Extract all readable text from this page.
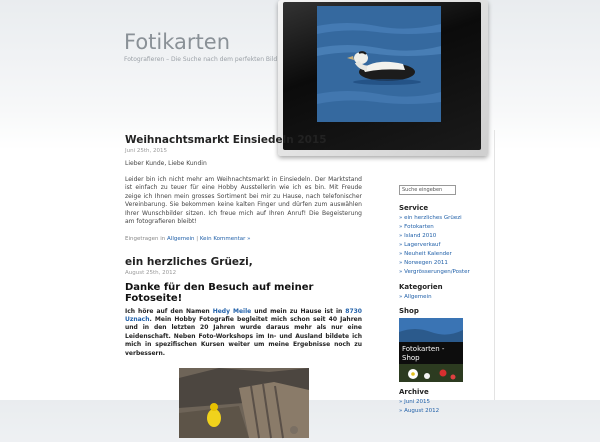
Fotikarten
Fotografieren – Die Suche nach dem perfekten Bild
Weihnachtsmarkt Einsiedeln 2015
Juni 25th, 2015
Lieber Kunde, Liebe Kundin
Leider bin ich nicht mehr am Weihnachtsmarkt in Einsiedeln. Der Marktstand ist einfach zu teuer für eine Hobby Ausstellerin wie ich es bin. Mit Freude zeige ich Ihnen mein grosses Sortiment bei mir zu Hause, nach telefonischer Vereinbarung. Sie bekommen keine kalten Finger und dürfen zum auswählen Ihrer Wunschbilder sitzen. Ich freue mich auf Ihren Anruf! Die Begeisterung am fotografieren bleibt!
Eingetragen in Allgemein | Kein Kommentar »
ein herzliches Grüezi,
August 25th, 2012
Danke für den Besuch auf meiner Fotoseite!
Ich höre auf den Namen Hedy Meile und mein zu Hause ist in 8730 Uznach. Mein Hobby Fotografie begleitet mich schon seit 40 Jahren und in den letzten 20 Jahren wurde daraus mehr als nur eine Leidenschaft. Neben Foto-Workshops im In- und Ausland bildete ich mich in spezifischen Kursen weiter um meine Ergebnisse noch zu verbessern.
Suche eingeben
Service
» ein herzliches Grüezi
» Fotokarten
» Island 2010
» Lagerverkauf
» Neuheit Kalender
» Norwegen 2011
» Vergrösserungen/Poster
Kategorien
» Allgemein
Shop
Fotokarten -Shop
Archive
» Juni 2015
» August 2012
